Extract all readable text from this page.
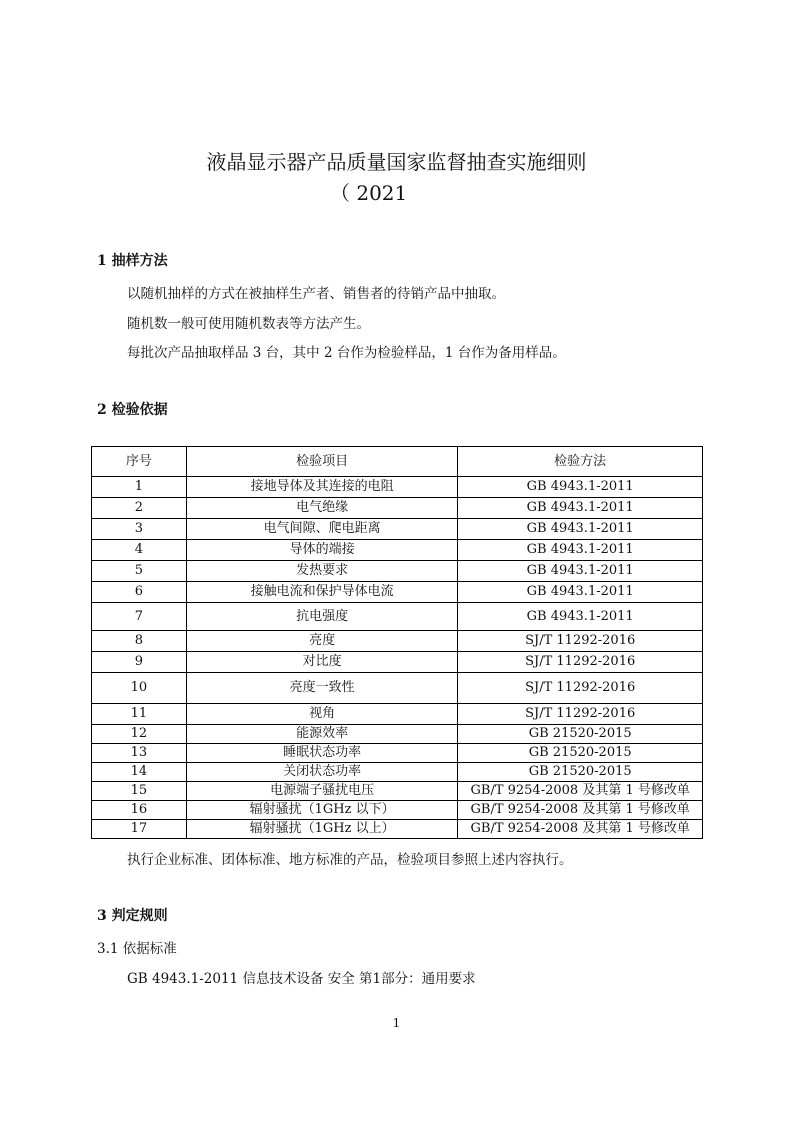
液晶显示器产品质量国家监督抽查实施细则
（ 2021
1 抽样方法
以随机抽样的方式在被抽样生产者、销售者的待销产品中抽取。
随机数一般可使用随机数表等方法产生。
每批次产品抽取样品 3 台，其中 2 台作为检验样品，1 台作为备用样品。
2 检验依据
序号	检验项目	检验方法
1	接地导体及其连接的电阻	GB 4943.1-2011
2	电气绝缘	GB 4943.1-2011
3	电气间隙、爬电距离	GB 4943.1-2011
4	导体的端接	GB 4943.1-2011
5	发热要求	GB 4943.1-2011
6	接触电流和保护导体电流	GB 4943.1-2011
7	抗电强度	GB 4943.1-2011
8	亮度	SJ/T 11292-2016
9	对比度	SJ/T 11292-2016
10	亮度一致性	SJ/T 11292-2016
11	视角	SJ/T 11292-2016
12	能源效率	GB 21520-2015
13	睡眠状态功率	GB 21520-2015
14	关闭状态功率	GB 21520-2015
15	电源端子骚扰电压	GB/T 9254-2008 及其第 1 号修改单
16	辐射骚扰（1GHz 以下）	GB/T 9254-2008 及其第 1 号修改单
17	辐射骚扰（1GHz 以上）	GB/T 9254-2008 及其第 1 号修改单
执行企业标准、团体标准、地方标准的产品，检验项目参照上述内容执行。
3 判定规则
3.1 依据标准
GB 4943.1-2011 信息技术设备 安全 第1部分：通用要求
1
